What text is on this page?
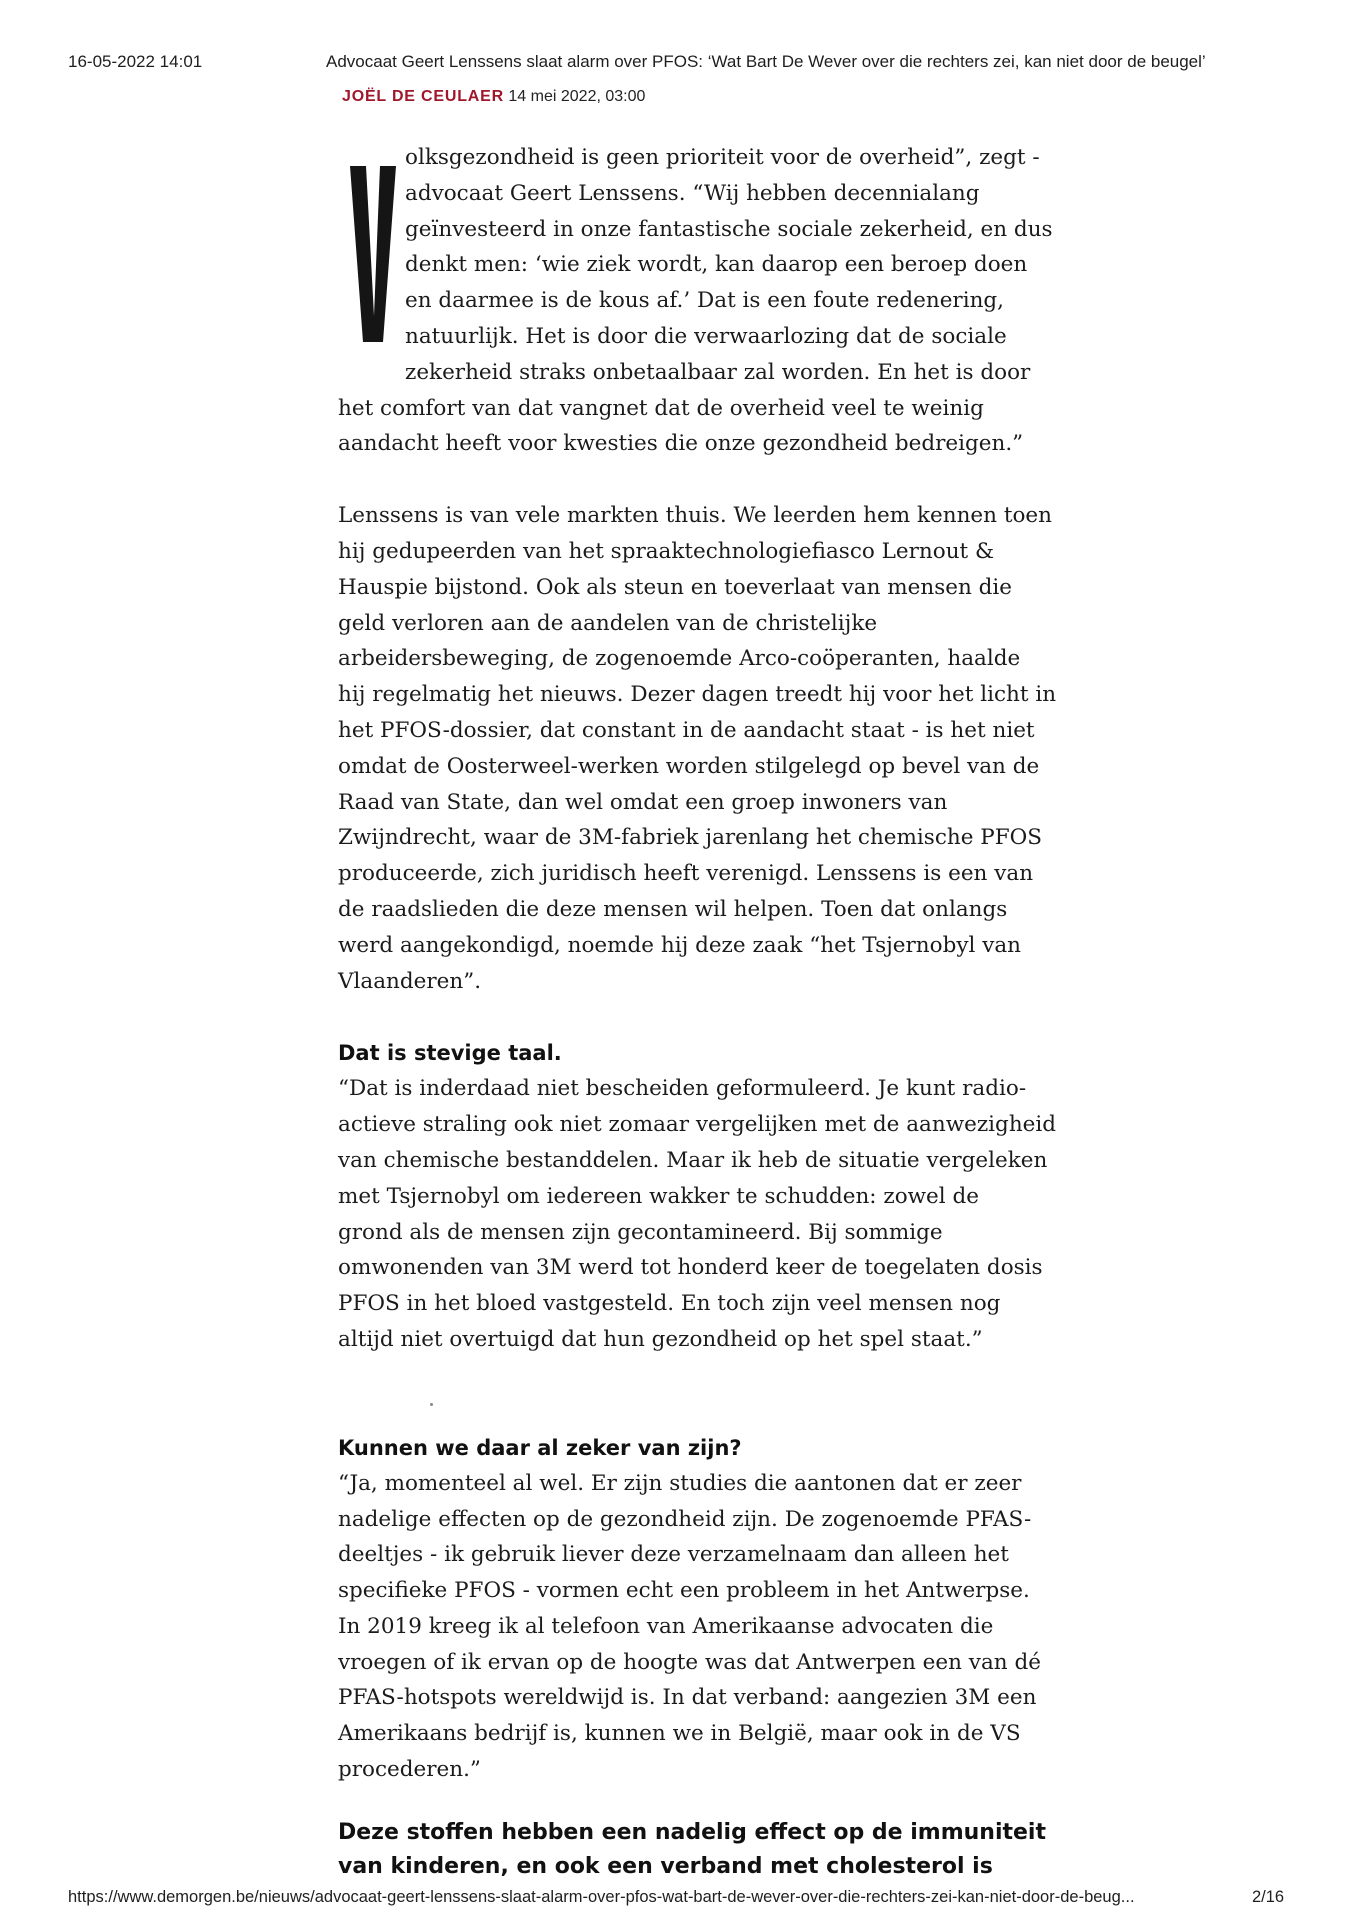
16-05-2022 14:01	Advocaat Geert Lenssens slaat alarm over PFOS: ‘Wat Bart De Wever over die rechters zei, kan niet door de beugel’
JOËL DE CEULAER 14 mei 2022, 03:00
olksgezondheid is geen prioriteit voor de overheid”, zegt -
advocaat Geert Lenssens. “Wij hebben decennialang
geïnvesteerd in onze fantastische sociale zekerheid, en dus
denkt men: ‘wie ziek wordt, kan daarop een beroep doen
en daarmee is de kous af.’ Dat is een foute redenering,
natuurlijk. Het is door die verwaarlozing dat de sociale
zekerheid straks onbetaalbaar zal worden. En het is door
het comfort van dat vangnet dat de overheid veel te weinig
aandacht heeft voor kwesties die onze gezondheid bedreigen.”
Lenssens is van vele markten thuis. We leerden hem kennen toen
hij gedupeerden van het spraaktechnologiefiasco Lernout &
Hauspie bijstond. Ook als steun en toeverlaat van mensen die
geld verloren aan de aandelen van de christelijke
arbeidersbeweging, de zogenoemde Arco-coöperanten, haalde
hij regelmatig het nieuws. Dezer dagen treedt hij voor het licht in
het PFOS-dossier, dat constant in de aandacht staat - is het niet
omdat de Oosterweel-werken worden stilgelegd op bevel van de
Raad van State, dan wel omdat een groep inwoners van
Zwijndrecht, waar de 3M-fabriek jarenlang het chemische PFOS
produceerde, zich juridisch heeft verenigd. Lenssens is een van
de raadslieden die deze mensen wil helpen. Toen dat onlangs
werd aangekondigd, noemde hij deze zaak “het Tsjernobyl van
Vlaanderen”.
Dat is stevige taal.
“Dat is inderdaad niet bescheiden geformuleerd. Je kunt radio-
actieve straling ook niet zomaar vergelijken met de aanwezigheid
van chemische bestanddelen. Maar ik heb de situatie vergeleken
met Tsjernobyl om iedereen wakker te schudden: zowel de
grond als de mensen zijn gecontamineerd. Bij sommige
omwonenden van 3M werd tot honderd keer de toegelaten dosis
PFOS in het bloed vastgesteld. En toch zijn veel mensen nog
altijd niet overtuigd dat hun gezondheid op het spel staat.”
Kunnen we daar al zeker van zijn?
“Ja, momenteel al wel. Er zijn studies die aantonen dat er zeer
nadelige effecten op de gezondheid zijn. De zogenoemde PFAS-
deeltjes - ik gebruik liever deze verzamelnaam dan alleen het
specifieke PFOS - vormen echt een probleem in het Antwerpse.
In 2019 kreeg ik al telefoon van Amerikaanse advocaten die
vroegen of ik ervan op de hoogte was dat Antwerpen een van dé
PFAS-hotspots wereldwijd is. In dat verband: aangezien 3M een
Amerikaans bedrijf is, kunnen we in België, maar ook in de VS
procederen.”
Deze stoffen hebben een nadelig effect op de immuniteit
van kinderen, en ook een verband met cholesterol is
https://www.demorgen.be/nieuws/advocaat-geert-lenssens-slaat-alarm-over-pfos-wat-bart-de-wever-over-die-rechters-zei-kan-niet-door-de-beug...	2/16
